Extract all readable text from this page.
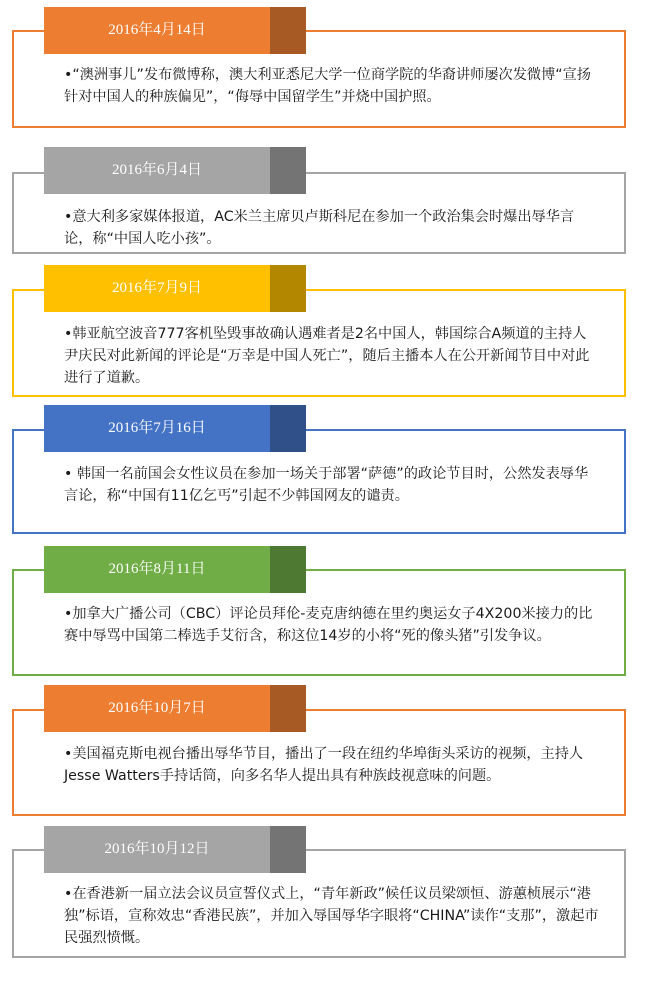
•“澳洲事儿”发布微博称，澳大利亚悉尼大学一位商学院的华裔讲师屡次发微博“宣扬针对中国人的种族偏见”，“侮辱中国留学生”并烧中国护照。

2016年4月14日

•意大利多家媒体报道，AC米兰主席贝卢斯科尼在参加一个政治集会时爆出辱华言论，称“中国人吃小孩”。

2016年6月4日

•韩亚航空波音777客机坠毁事故确认遇难者是2名中国人，韩国综合A频道的主持人尹庆民对此新闻的评论是“万幸是中国人死亡”，随后主播本人在公开新闻节目中对此进行了道歉。

2016年7月9日

• 韩国一名前国会女性议员在参加一场关于部署“萨德”的政论节目时，公然发表辱华言论，称“中国有11亿乞丐”引起不少韩国网友的谴责。

2016年7月16日

•加拿大广播公司（CBC）评论员拜伦-麦克唐纳德在里约奥运女子4X200米接力的比赛中辱骂中国第二棒选手艾衍含，称这位14岁的小将“死的像头猪”引发争议。

2016年8月11日

•美国福克斯电视台播出辱华节目，播出了一段在纽约华埠街头采访的视频，主持人Jesse Watters手持话筒，向多名华人提出具有种族歧视意味的问题。

2016年10月7日

•在香港新一届立法会议员宣誓仪式上，“青年新政”候任议员梁颂恒、游蕙桢展示“港独”标语，宣称效忠“香港民族”，并加入辱国辱华字眼将“CHINA”读作“支那”，激起市民强烈愤慨。

2016年10月12日
